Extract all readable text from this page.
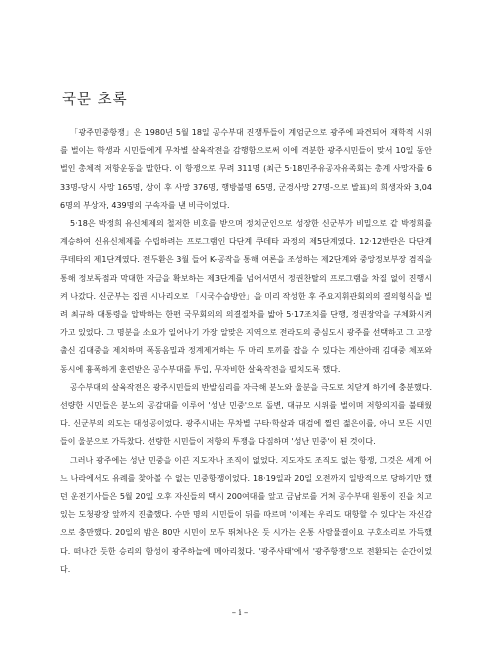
국문 초록

「광주민중항쟁」은 1980년 5월 18일 공수부대 진쟁투들이 계엄군으로 광주에 파견되어 재학적 시위를 벌이는 학생과 시민들에게 무차별 살육작전을 감행함으로써 이에 격분한 광주시민들이 맞서 10일 동안 벌인 총체적 저항운동을 말한다. 이 항쟁으로 무려 311명 (최근 5·18민주유공자유족회는 총계 사망자를 633명-당시 사망 165명, 상이 후 사망 376명, 행방불명 65명, 군경사망 27명-으로 발표)의 희생자와 3,046명의 부상자, 439명의 구속자를 낸 비극이었다.

5·18은 박정희 유신체제의 철저한 비호를 받으며 정치군인으로 성장한 신군부가 비밀으로 같 박정희를 계승하여 신유신체제를 수립하려는 프로그램인 다단계 쿠데타 과정의 제5단계였다. 12·12반란은 다단계 쿠데타의 제1단계였다. 전두환은 3월 들어 K-공작을 통해 여론을 조성하는 제2단계와 중앙정보부장 겸직을 통해 정보독점과 막대한 자금을 확보하는 제3단계를 넘어서면서 정권찬탈의 프로그램을 차질 없이 진행시켜 나갔다. 신군부는 집권 시나리오로 「시국수습방안」을 미리 작성한 후 주요지휘관회의의 결의형식을 빌려 최규하 대통령을 압박하는 한편 국무회의의 의결절차를 밟아 5·17조치를 단행, 정권장악을 구체화시켜가고 있었다. 그 명분을 소요가 일어나기 가장 알맞은 지역으로 전라도의 중심도시 광주를 선택하고 그 고장 출신 김대중을 제치하며 폭동음밀과 정계제거하는 두 마리 토끼를 잡을 수 있다는 계산아래 김대중 체포와 동시에 흉폭하게 훈련받은 공수부대를 투입, 무자비한 살육작전을 펼치도록 했다.

공수부대의 살육작전은 광주시민들의 반발심리를 자극해 분노와 울분을 극도로 치닫게 하기에 충분했다. 선량한 시민들은 분노의 공감대를 이루어 '성난 민중'으로 돌변, 대규모 시위를 벌이며 저항의지를 불태웠다. 신군부의 의도는 대성공이었다. 광주시내는 무차별 구타·학살과 대검에 찔린 젊은이를, 아니 모든 시민들이 울분으로 가득찼다. 선량한 시민들이 저항의 투쟁을 다짐하며 '성난 민중'이 된 것이다.

그러나 광주에는 성난 민중을 이끈 지도자나 조직이 없었다. 지도자도 조직도 없는 항쟁, 그것은 세계 어느 나라에서도 유례를 찾아볼 수 없는 민중항쟁이었다. 18·19일과 20일 오전까지 일방적으로 당하기만 했던 운전기사들은 5월 20일 오후 자신들의 택시 200여대를 앞고 금남로를 거쳐 공수부대 원통이 진을 치고 있는 도청광장 앞까지 진출했다. 수만 명의 시민들이 뒤를 따르며 '이제는 우리도 대항할 수 있다'는 자신감으로 충만했다. 20일의 밤은 80만 시민이 모두 뛰쳐나온 듯 시가는 온통 사람물결이요 구호소리로 가득했다. 떠나간 듯한 승리의 함성이 광주하늘에 메아리쳤다. '광주사태'에서 '광주항쟁'으로 전환되는 순간이었다.

– i –
